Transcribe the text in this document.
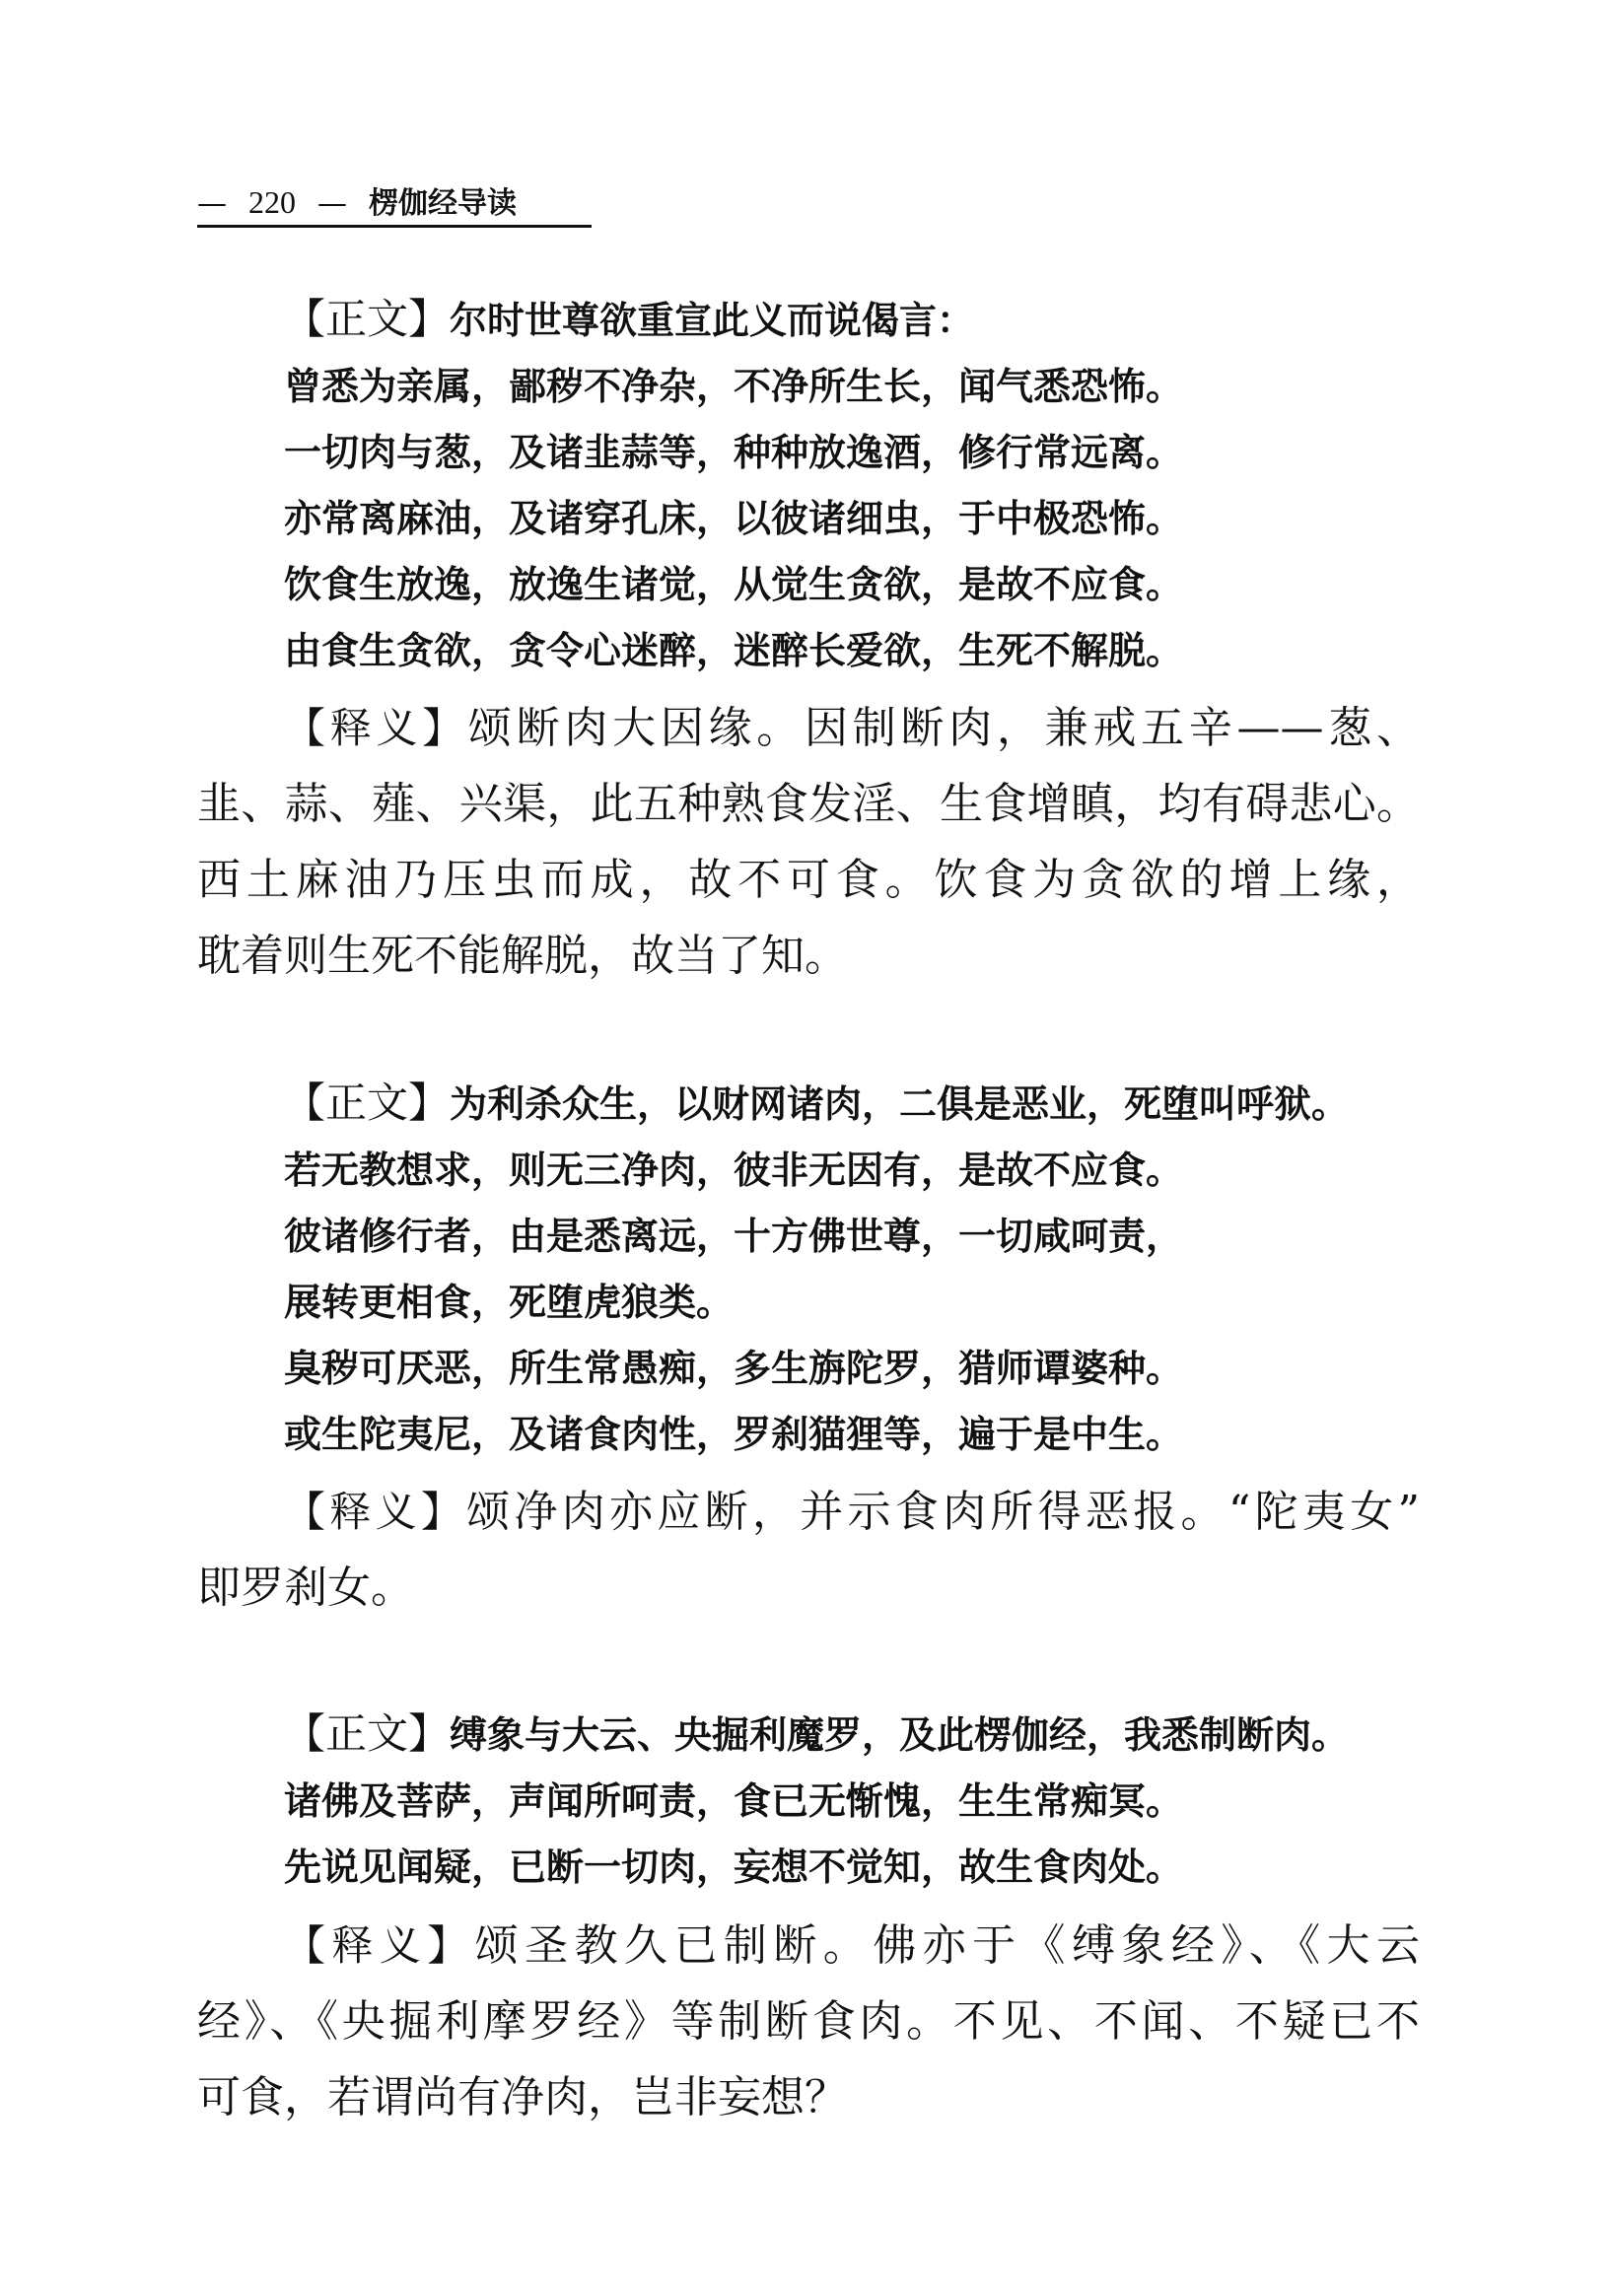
— 220 — 楞伽经导读
【正文】尔时世尊欲重宣此义而说偈言：
曾悉为亲属，鄙秽不净杂，不净所生长，闻气悉恐怖。
一切肉与葱，及诸韭蒜等，种种放逸酒，修行常远离。
亦常离麻油，及诸穿孔床，以彼诸细虫，于中极恐怖。
饮食生放逸，放逸生诸觉，从觉生贪欲，是故不应食。
由食生贪欲，贪令心迷醉，迷醉长爱欲，生死不解脱。
【释义】颂断肉大因缘。因制断肉，兼戒五辛——葱、
韭、蒜、薤、兴渠，此五种熟食发淫、生食增瞋，均有碍悲心。
西土麻油乃压虫而成，故不可食。饮食为贪欲的增上缘，
耽着则生死不能解脱，故当了知。
【正文】为利杀众生，以财网诸肉，二俱是恶业，死堕叫呼狱。
若无教想求，则无三净肉，彼非无因有，是故不应食。
彼诸修行者，由是悉离远，十方佛世尊，一切咸呵责，
展转更相食，死堕虎狼类。
臭秽可厌恶，所生常愚痴，多生旃陀罗，猎师谭婆种。
或生陀夷尼，及诸食肉性，罗刹猫狸等，遍于是中生。
【释义】颂净肉亦应断，并示食肉所得恶报。“陀夷女”
即罗刹女。
【正文】缚象与大云、央掘利魔罗，及此楞伽经，我悉制断肉。
诸佛及菩萨，声闻所呵责，食已无惭愧，生生常痴冥。
先说见闻疑，已断一切肉，妄想不觉知，故生食肉处。
【释义】颂圣教久已制断。佛亦于《缚象经》、《大云
经》、《央掘利摩罗经》等制断食肉。不见、不闻、不疑已不
可食，若谓尚有净肉，岂非妄想？
